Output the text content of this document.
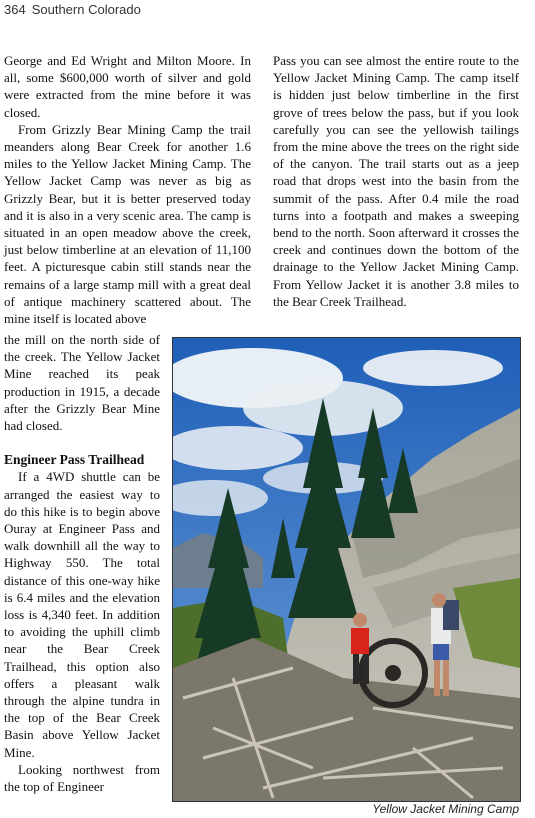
364 Southern Colorado

George and Ed Wright and Milton Moore. In all, some $600,000 worth of silver and gold were extracted from the mine before it was closed.

From Grizzly Bear Mining Camp the trail meanders along Bear Creek for another 1.6 miles to the Yellow Jacket Mining Camp. The Yellow Jacket Camp was never as big as Grizzly Bear, but it is better preserved today and it is also in a very scenic area. The camp is situated in an open meadow above the creek, just below timberline at an elevation of 11,100 feet. A picturesque cabin still stands near the remains of a large stamp mill with a great deal of antique machinery scattered about. The mine itself is located above

the mill on the north side of the creek. The Yellow Jacket Mine reached its peak production in 1915, a decade after the Grizzly Bear Mine had closed.

Engineer Pass Trailhead

If a 4WD shuttle can be arranged the easiest way to do this hike is to begin above Ouray at Engineer Pass and walk downhill all the way to Highway 550. The total distance of this one-way hike is 6.4 miles and the elevation loss is 4,340 feet. In addition to avoiding the uphill climb near the Bear Creek Trailhead, this option also offers a pleasant walk through the alpine tundra in the top of the Bear Creek Basin above Yellow Jacket Mine.

Looking northwest from the top of Engineer

Pass you can see almost the entire route to the Yellow Jacket Mining Camp. The camp itself is hidden just below timberline in the first grove of trees below the pass, but if you look carefully you can see the yellowish tailings from the mine above the trees on the right side of the canyon. The trail starts out as a jeep road that drops west into the basin from the summit of the pass. After 0.4 mile the road turns into a footpath and makes a sweeping bend to the north. Soon afterward it crosses the creek and continues down the bottom of the drainage to the Yellow Jacket Mining Camp. From Yellow Jacket it is another 3.8 miles to the Bear Creek Trailhead.

Yellow Jacket Mining Camp
